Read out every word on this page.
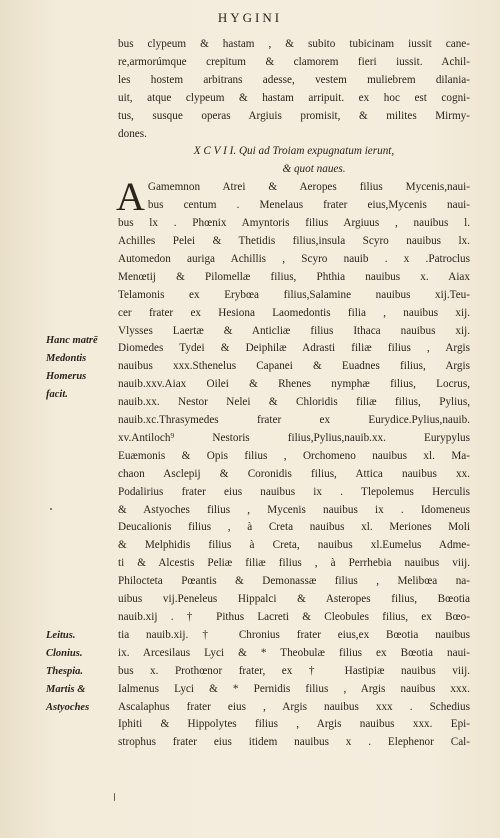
HYGINI
bus clypeum & hastam , & subito tubicinam iussit cane-
re,armorúmque crepitum & clamorem fieri iussit. Achil-
les hostem arbitrans adesse, vestem muliebrem dilania-
uit, atque clypeum & hastam arripuit. ex hoc est cogni-
tus, susque operas Argiuis promisit, & milites Mirmy-
dones.
X C V I I. Qui ad Troiam expugnatum ierunt,
& quot naues.
A Gamemnon Atrei & Aeropes filius Mycenis,naui-
bus centum . Menelaus frater eius,Mycenis naui-
bus lx . Phœnix Amyntoris filius Argiuus , nauibus l.
Achilles Pelei & Thetidis filius,insula Scyro nauibus lx.
Automedon auriga Achillis , Scyro nauib . x .Patroclus
Menœtij & Pilomellæ filius, Phthia nauibus x. Aiax
Telamonis ex Erybœa filius,Salamine nauibus xij.Teu-
cer frater ex Hesiona Laomedontis filia , nauibus xij.
Vlysses Laertæ & Anticliæ filius Ithaca nauibus xij.
Diomedes Tydei & Deiphilæ Adrasti filiæ filius , Argis
nauibus xxx.Sthenelus Capanei & Euadnes filius, Argis
nauib.xxv.Aiax Oilei & Rhenes nymphæ filius, Locrus,
nauib.xx. Nestor Nelei & Chloridis filiæ filius, Pylius,
nauib.xc.Thrasymedes frater ex Eurydice.Pylius,nauib.
xv.Antiloch⁹ Nestoris filius,Pylius,nauib.xx. Eurypylus
Euæmonis & Opis filius , Orchomeno nauibus xl. Ma-
chaon Asclepij & Coronidis filius, Attica nauibus xx.
Podalirius frater eius nauibus ix . Tlepolemus Herculis
& Astyoches filius , Mycenis nauibus ix . Idomeneus
Deucalionis filius , à Creta nauibus xl. Meriones Moli
& Melphidis filius à Creta, nauibus xl.Eumelus Adme-
ti & Alcestis Peliæ filiæ filius , à Perrhebia nauibus viij.
Philoctetа Pœantis & Demonassæ filius , Melibœa na-
uibus vij.Peneleus Hippalci & Asteropes filius, Bœotia
nauib.xij . † Pithus Lacreti & Cleobules filius, ex Bœo-
tia nauib.xij.† Chronius frater eius,ex Bœotia nauibus
ix. Arcesilaus Lyci & * Theobulæ filius ex Bœotia naui-
bus x. Prothœnor frater, ex † Hastipiæ nauibus viij.
Ialmenus Lyci & * Pernidis filius , Argis nauibus xxx.
Ascalaphus frater eius , Argis nauibus xxx . Schedius
Iphiti & Hippolytes filius , Argis nauibus xxx. Epi-
strophus frater eius itidem nauibus x . Elephenor Cal-
Hanc matrē
Medontis
Homerus
facit.
Leitus.
Clonius.
Thespia.
Martis &
Astyoches
